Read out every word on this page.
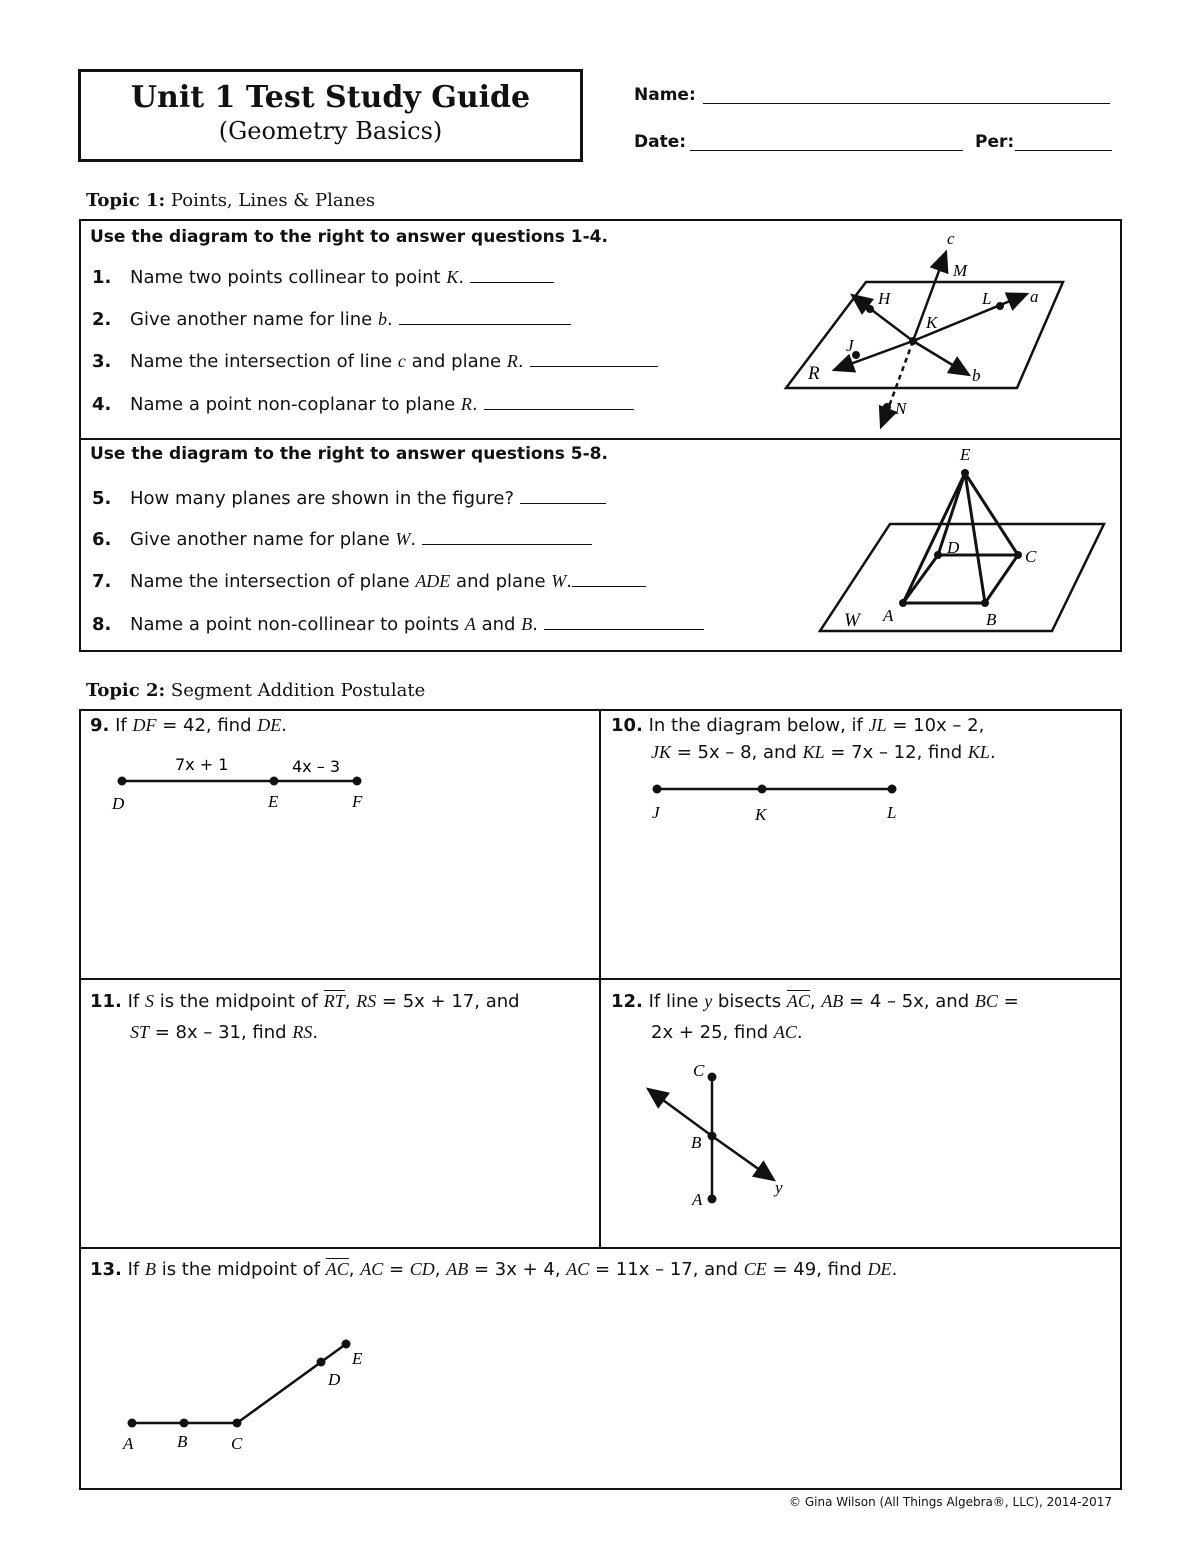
Unit 1 Test Study Guide
(Geometry Basics)
Name:
Date:	Per:
Topic 1: Points, Lines & Planes
Use the diagram to the right to answer questions 1-4.
1. Name two points collinear to point K.
2. Give another name for line b.
3. Name the intersection of line c and plane R.
4. Name a point non-coplanar to plane R.
c
M
H	L a
K
J
R	b
N
Use the diagram to the right to answer questions 5-8.
5. How many planes are shown in the figure?
6. Give another name for plane W.
7. Name the intersection of plane ADE and plane W.
8. Name a point non-collinear to points A and B.
E
D	C
A	B
W
Topic 2: Segment Addition Postulate
9. If DF = 42, find DE.
7x + 1	4x – 3
D	E	F
10. In the diagram below, if JL = 10x – 2,
JK = 5x – 8, and KL = 7x – 12, find KL.
J	K	L
11. If S is the midpoint of $\overline{RT}$, RS = 5x + 17, and
ST = 8x – 31, find RS.
12. If line y bisects $\overline{AC}$, AB = 4 – 5x, and BC =
2x + 25, find AC.
C
B
A
y
13. If B is the midpoint of $\overline{AC}$, AC = CD, AB = 3x + 4, AC = 11x – 17, and CE = 49, find DE.
A	B	C
D
E
© Gina Wilson (All Things Algebra®, LLC), 2014-2017
